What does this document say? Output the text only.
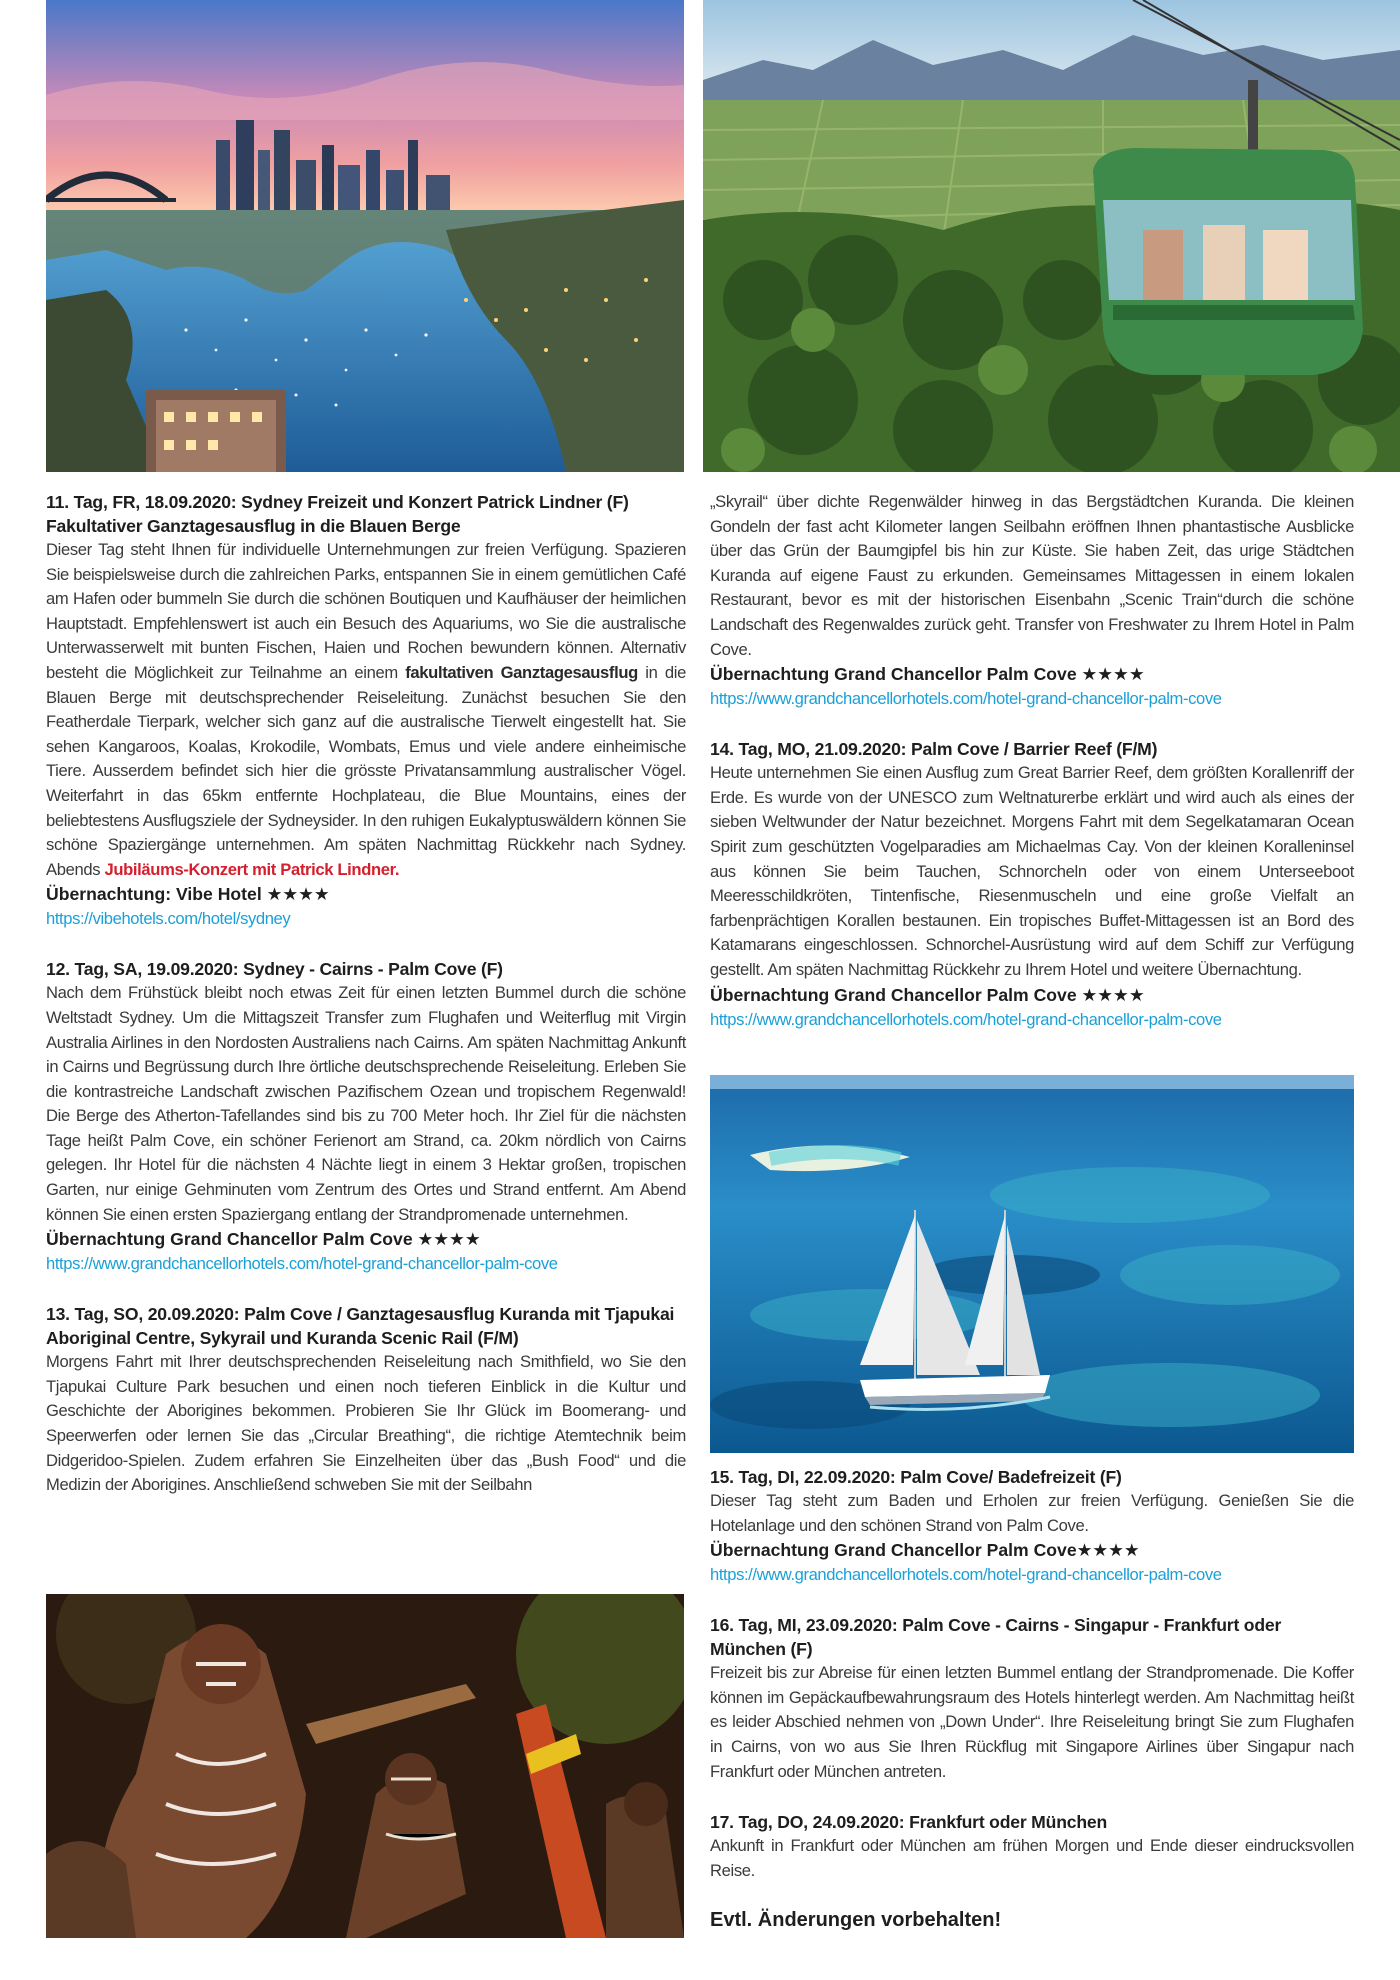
11. Tag, FR, 18.09.2020: Sydney Freizeit und Konzert Patrick Lindner (F)

Fakultativer Ganztagesausflug in die Blauen Berge

Dieser Tag steht Ihnen für individuelle Unternehmungen zur freien Verfügung. Spazieren Sie beispielsweise durch die zahlreichen Parks, entspannen Sie in einem gemütlichen Café am Hafen oder bummeln Sie durch die schönen Boutiquen und Kaufhäuser der heimlichen Hauptstadt. Empfehlenswert ist auch ein Besuch des Aquariums, wo Sie die australische Unterwasserwelt mit bunten Fischen, Haien und Rochen bewundern können. Alternativ besteht die Möglichkeit zur Teilnahme an einem fakultativen Ganztagesausflug in die Blauen Berge mit deutschsprechender Reiseleitung. Zunächst besuchen Sie den Featherdale Tierpark, welcher sich ganz auf die australische Tierwelt eingestellt hat. Sie sehen Kangaroos, Koalas, Krokodile, Wombats, Emus und viele andere einheimische Tiere. Ausserdem befindet sich hier die grösste Privatansammlung australischer Vögel. Weiterfahrt in das 65km entfernte Hochplateau, die Blue Mountains, eines der beliebtestens Ausflugsziele der Sydneysider. In den ruhigen Eukalyptuswäldern können Sie schöne Spaziergänge unternehmen. Am späten Nachmittag Rückkehr nach Sydney. Abends Jubiläums-Konzert mit Patrick Lindner.

Übernachtung: Vibe Hotel ★★★★

https://vibehotels.com/hotel/sydney

12. Tag, SA, 19.09.2020: Sydney - Cairns - Palm Cove (F)

Nach dem Frühstück bleibt noch etwas Zeit für einen letzten Bummel durch die schöne Weltstadt Sydney. Um die Mittagszeit Transfer zum Flughafen und Weiterflug mit Virgin Australia Airlines in den Nordosten Australiens nach Cairns. Am späten Nachmittag Ankunft in Cairns und Begrüssung durch Ihre örtliche deutschsprechende Reiseleitung. Erleben Sie die kontrastreiche Landschaft zwischen Pazifischem Ozean und tropischem Regenwald! Die Berge des Atherton-Tafellandes sind bis zu 700 Meter hoch. Ihr Ziel für die nächsten Tage heißt Palm Cove, ein schöner Ferienort am Strand, ca. 20km nördlich von Cairns gelegen. Ihr Hotel für die nächsten 4 Nächte liegt in einem 3 Hektar großen, tropischen Garten, nur einige Gehminuten vom Zentrum des Ortes und Strand entfernt. Am Abend können Sie einen ersten Spaziergang entlang der Strandpromenade unternehmen.

Übernachtung Grand Chancellor Palm Cove ★★★★

https://www.grandchancellorhotels.com/hotel-grand-chancellor-palm-cove

13. Tag, SO, 20.09.2020: Palm Cove / Ganztagesausflug Kuranda mit Tjapukai Aboriginal Centre, Sykyrail und Kuranda Scenic Rail (F/M)

Morgens Fahrt mit Ihrer deutschsprechenden Reiseleitung nach Smithfield, wo Sie den Tjapukai Culture Park besuchen und einen noch tieferen Einblick in die Kultur und Geschichte der Aborigines bekommen. Probieren Sie Ihr Glück im Boomerang- und Speerwerfen oder lernen Sie das „Circular Breathing“, die richtige Atemtechnik beim Didgeridoo-Spielen. Zudem erfahren Sie Einzelheiten über das „Bush Food“ und die Medizin der Aborigines. Anschließend schweben Sie mit der Seilbahn

„Skyrail“ über dichte Regenwälder hinweg in das Bergstädtchen Kuranda. Die kleinen Gondeln der fast acht Kilometer langen Seilbahn eröffnen Ihnen phantastische Ausblicke über das Grün der Baumgipfel bis hin zur Küste. Sie haben Zeit, das urige Städtchen Kuranda auf eigene Faust zu erkunden. Gemeinsames Mittagessen in einem lokalen Restaurant, bevor es mit der historischen Eisenbahn „Scenic Train“durch die schöne Landschaft des Regenwaldes zurück geht. Transfer von Freshwater zu Ihrem Hotel in Palm Cove.

Übernachtung Grand Chancellor Palm Cove ★★★★

https://www.grandchancellorhotels.com/hotel-grand-chancellor-palm-cove

14. Tag, MO, 21.09.2020: Palm Cove / Barrier Reef (F/M)

Heute unternehmen Sie einen Ausflug zum Great Barrier Reef, dem größten Korallenriff der Erde. Es wurde von der UNESCO zum Weltnaturerbe erklärt und wird auch als eines der sieben Weltwunder der Natur bezeichnet. Morgens Fahrt mit dem Segelkatamaran Ocean Spirit zum geschützten Vogelparadies am Michaelmas Cay. Von der kleinen Koralleninsel aus können Sie beim Tauchen, Schnorcheln oder von einem Unterseeboot Meeresschildkröten, Tintenfische, Riesenmuscheln und eine große Vielfalt an farbenprächtigen Korallen bestaunen. Ein tropisches Buffet-Mittagessen ist an Bord des Katamarans eingeschlossen. Schnorchel-Ausrüstung wird auf dem Schiff zur Verfügung gestellt. Am späten Nachmittag Rückkehr zu Ihrem Hotel und weitere Übernachtung.

Übernachtung Grand Chancellor Palm Cove ★★★★

https://www.grandchancellorhotels.com/hotel-grand-chancellor-palm-cove

15. Tag, DI, 22.09.2020: Palm Cove/ Badefreizeit (F)

Dieser Tag steht zum Baden und Erholen zur freien Verfügung. Genießen Sie die Hotelanlage und den schönen Strand von Palm Cove.

Übernachtung Grand Chancellor Palm Cove★★★★

https://www.grandchancellorhotels.com/hotel-grand-chancellor-palm-cove

16. Tag, MI, 23.09.2020: Palm Cove - Cairns - Singapur - Frankfurt oder München (F)

Freizeit bis zur Abreise für einen letzten Bummel entlang der Strandpromenade. Die Koffer können im Gepäckaufbewahrungsraum des Hotels hinterlegt werden. Am Nachmittag heißt es leider Abschied nehmen von „Down Under“. Ihre Reiseleitung bringt Sie zum Flughafen in Cairns, von wo aus Sie Ihren Rückflug mit Singapore Airlines über Singapur nach Frankfurt oder München antreten.

17. Tag, DO, 24.09.2020: Frankfurt oder München

Ankunft in Frankfurt oder München am frühen Morgen und Ende dieser eindrucksvollen Reise.

Evtl. Änderungen vorbehalten!
